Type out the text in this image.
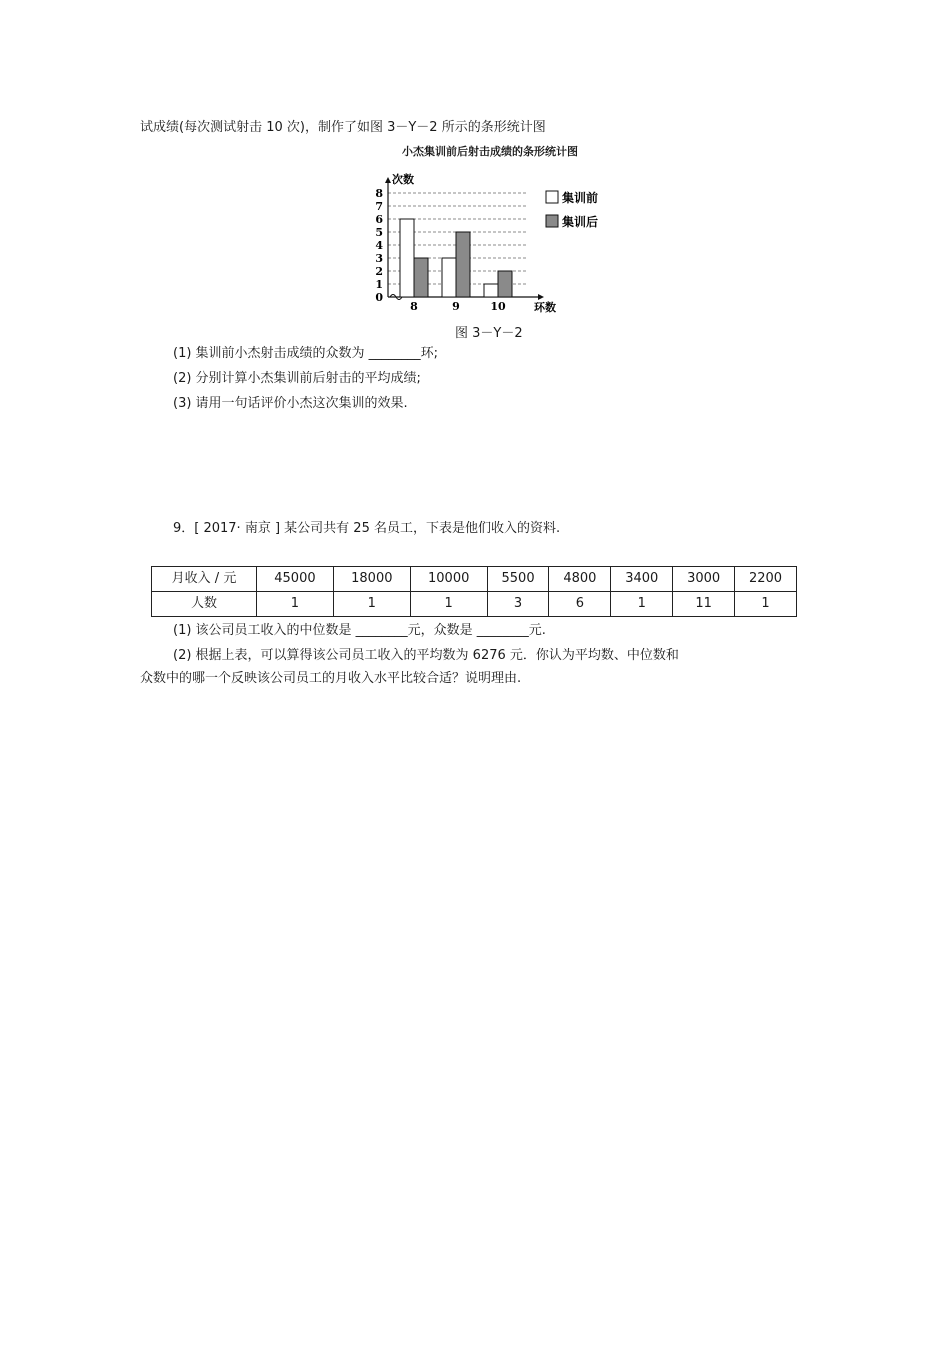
试成绩(每次测试射击 10 次)，制作了如图 3－Y－2 所示的条形统计图
小杰集训前后射击成绩的条形统计图
0
1
2
3
4
5
6
7
8
次数
环数
8	9	10
集训前
集训后
图 3－Y－2
(1) 集训前小杰射击成绩的众数为 ________环;
(2) 分别计算小杰集训前后射击的平均成绩;
(3) 请用一句话评价小杰这次集训的效果.
9．[ 2017· 南京 ] 某公司共有 25 名员工，下表是他们收入的资料.
月收入 / 元	45000	18000	10000	5500	4800	3400	3000	2200
人数	1	1	1	3	6	1	11	1
(1) 该公司员工收入的中位数是 ________元，众数是 ________元.
(2) 根据上表，可以算得该公司员工收入的平均数为 6276 元．你认为平均数、中位数和
众数中的哪一个反映该公司员工的月收入水平比较合适？说明理由.
